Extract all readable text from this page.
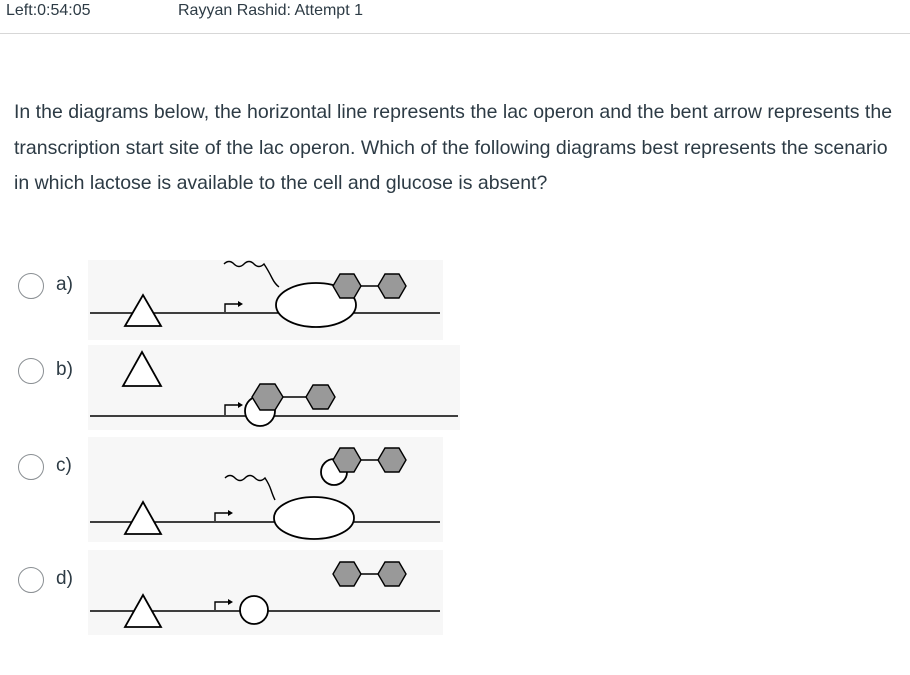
Left:0:54:05	Rayyan Rashid: Attempt 1
In the diagrams below, the horizontal line represents the lac operon and the bent arrow represents the transcription start site of the lac operon. Which of the following diagrams best represents the scenario in which lactose is available to the cell and glucose is absent?
a)
b)
c)
d)
